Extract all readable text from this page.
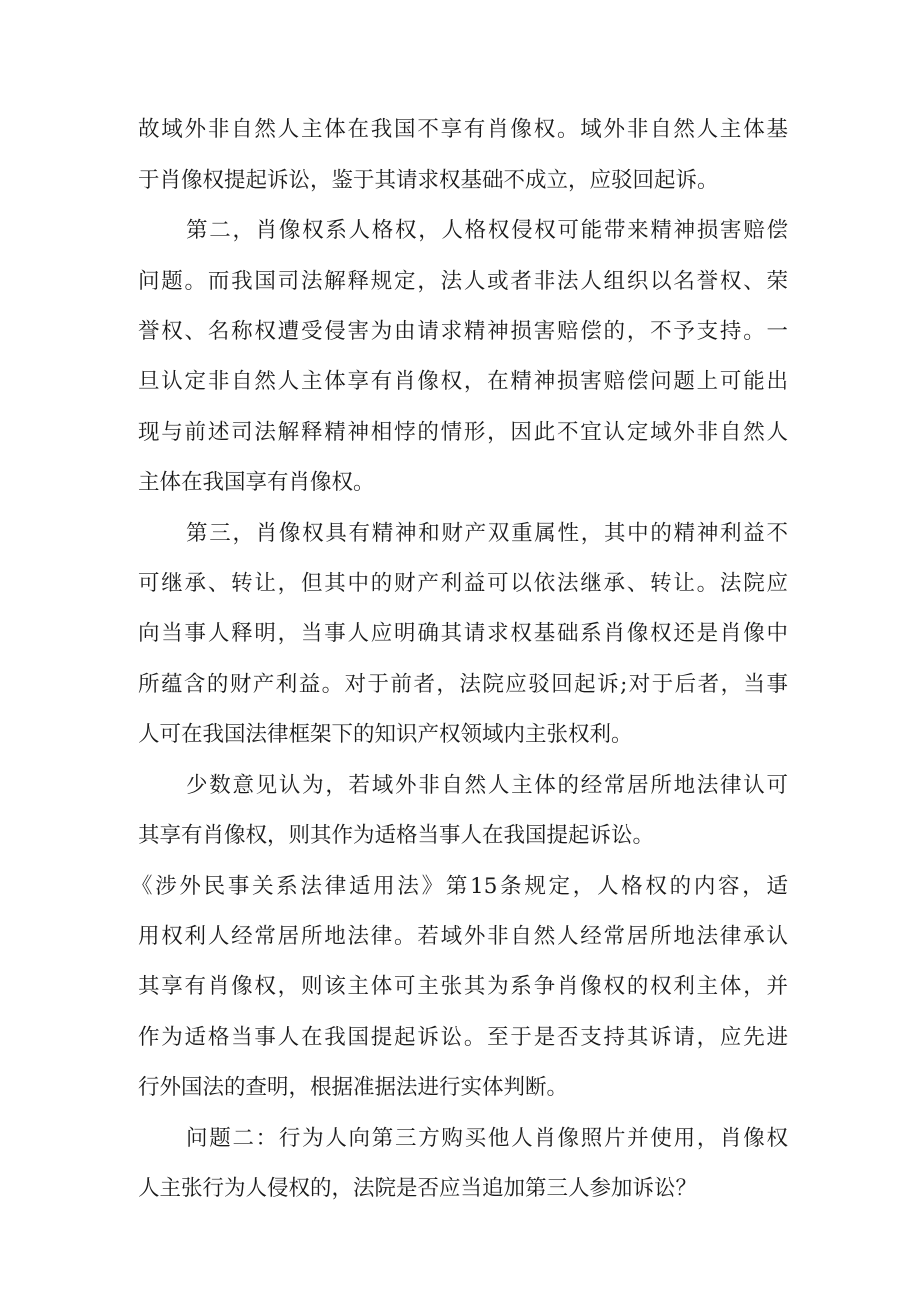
故域外非自然人主体在我国不享有肖像权。域外非自然人主体基
于肖像权提起诉讼，鉴于其请求权基础不成立，应驳回起诉。
第二，肖像权系人格权，人格权侵权可能带来精神损害赔偿
问题。而我国司法解释规定，法人或者非法人组织以名誉权、荣
誉权、名称权遭受侵害为由请求精神损害赔偿的，不予支持。一
旦认定非自然人主体享有肖像权，在精神损害赔偿问题上可能出
现与前述司法解释精神相悖的情形，因此不宜认定域外非自然人
主体在我国享有肖像权。
第三，肖像权具有精神和财产双重属性，其中的精神利益不
可继承、转让，但其中的财产利益可以依法继承、转让。法院应
向当事人释明，当事人应明确其请求权基础系肖像权还是肖像中
所蕴含的财产利益。对于前者，法院应驳回起诉;对于后者，当事
人可在我国法律框架下的知识产权领域内主张权利。
少数意见认为，若域外非自然人主体的经常居所地法律认可
其享有肖像权，则其作为适格当事人在我国提起诉讼。
《涉外民事关系法律适用法》第15条规定，人格权的内容，适
用权利人经常居所地法律。若域外非自然人经常居所地法律承认
其享有肖像权，则该主体可主张其为系争肖像权的权利主体，并
作为适格当事人在我国提起诉讼。至于是否支持其诉请，应先进
行外国法的查明，根据准据法进行实体判断。
问题二：行为人向第三方购买他人肖像照片并使用，肖像权
人主张行为人侵权的，法院是否应当追加第三人参加诉讼？
